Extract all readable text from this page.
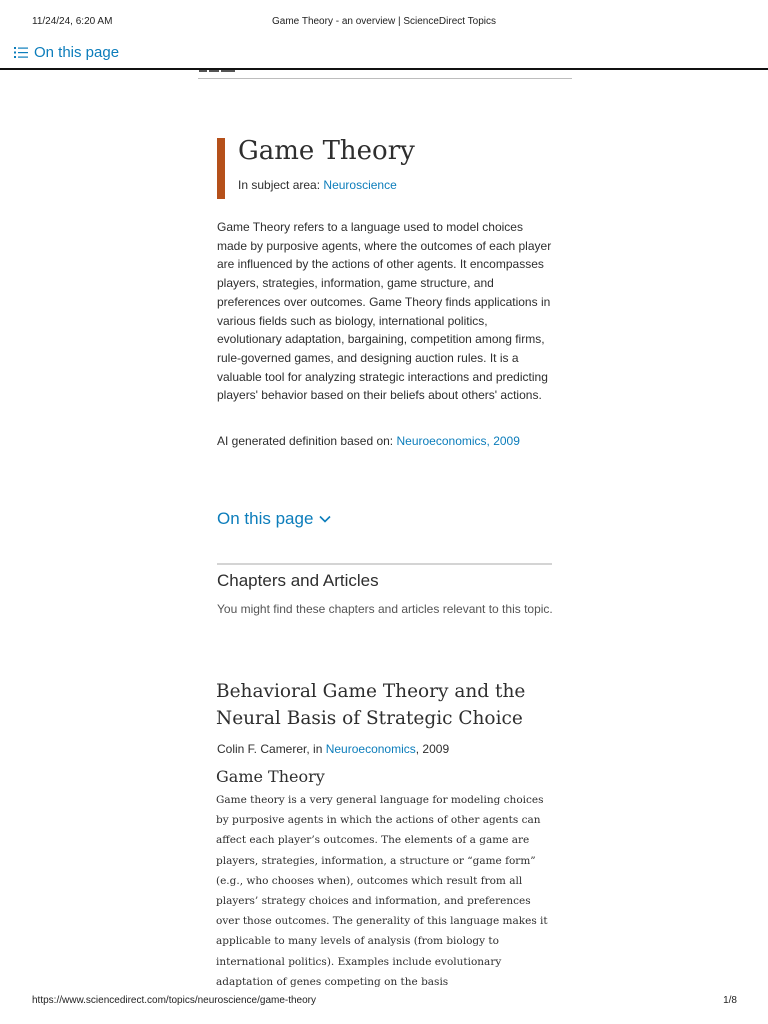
11/24/24, 6:20 AM	Game Theory - an overview | ScienceDirect Topics
On this page
Game Theory
In subject area: Neuroscience
Game Theory refers to a language used to model choices made by purposive agents, where the outcomes of each player are influenced by the actions of other agents. It encompasses players, strategies, information, game structure, and preferences over outcomes. Game Theory finds applications in various fields such as biology, international politics, evolutionary adaptation, bargaining, competition among firms, rule-governed games, and designing auction rules. It is a valuable tool for analyzing strategic interactions and predicting players' behavior based on their beliefs about others' actions.
AI generated definition based on: Neuroeconomics, 2009
On this page
Chapters and Articles
You might find these chapters and articles relevant to this topic.
Behavioral Game Theory and the Neural Basis of Strategic Choice
Colin F. Camerer, in Neuroeconomics, 2009
Game Theory
Game theory is a very general language for modeling choices by purposive agents in which the actions of other agents can affect each player’s outcomes. The elements of a game are players, strategies, information, a structure or “game form” (e.g., who chooses when), outcomes which result from all players’ strategy choices and information, and preferences over those outcomes. The generality of this language makes it applicable to many levels of analysis (from biology to international politics). Examples include evolutionary adaptation of genes competing on the basis
https://www.sciencedirect.com/topics/neuroscience/game-theory	1/8
